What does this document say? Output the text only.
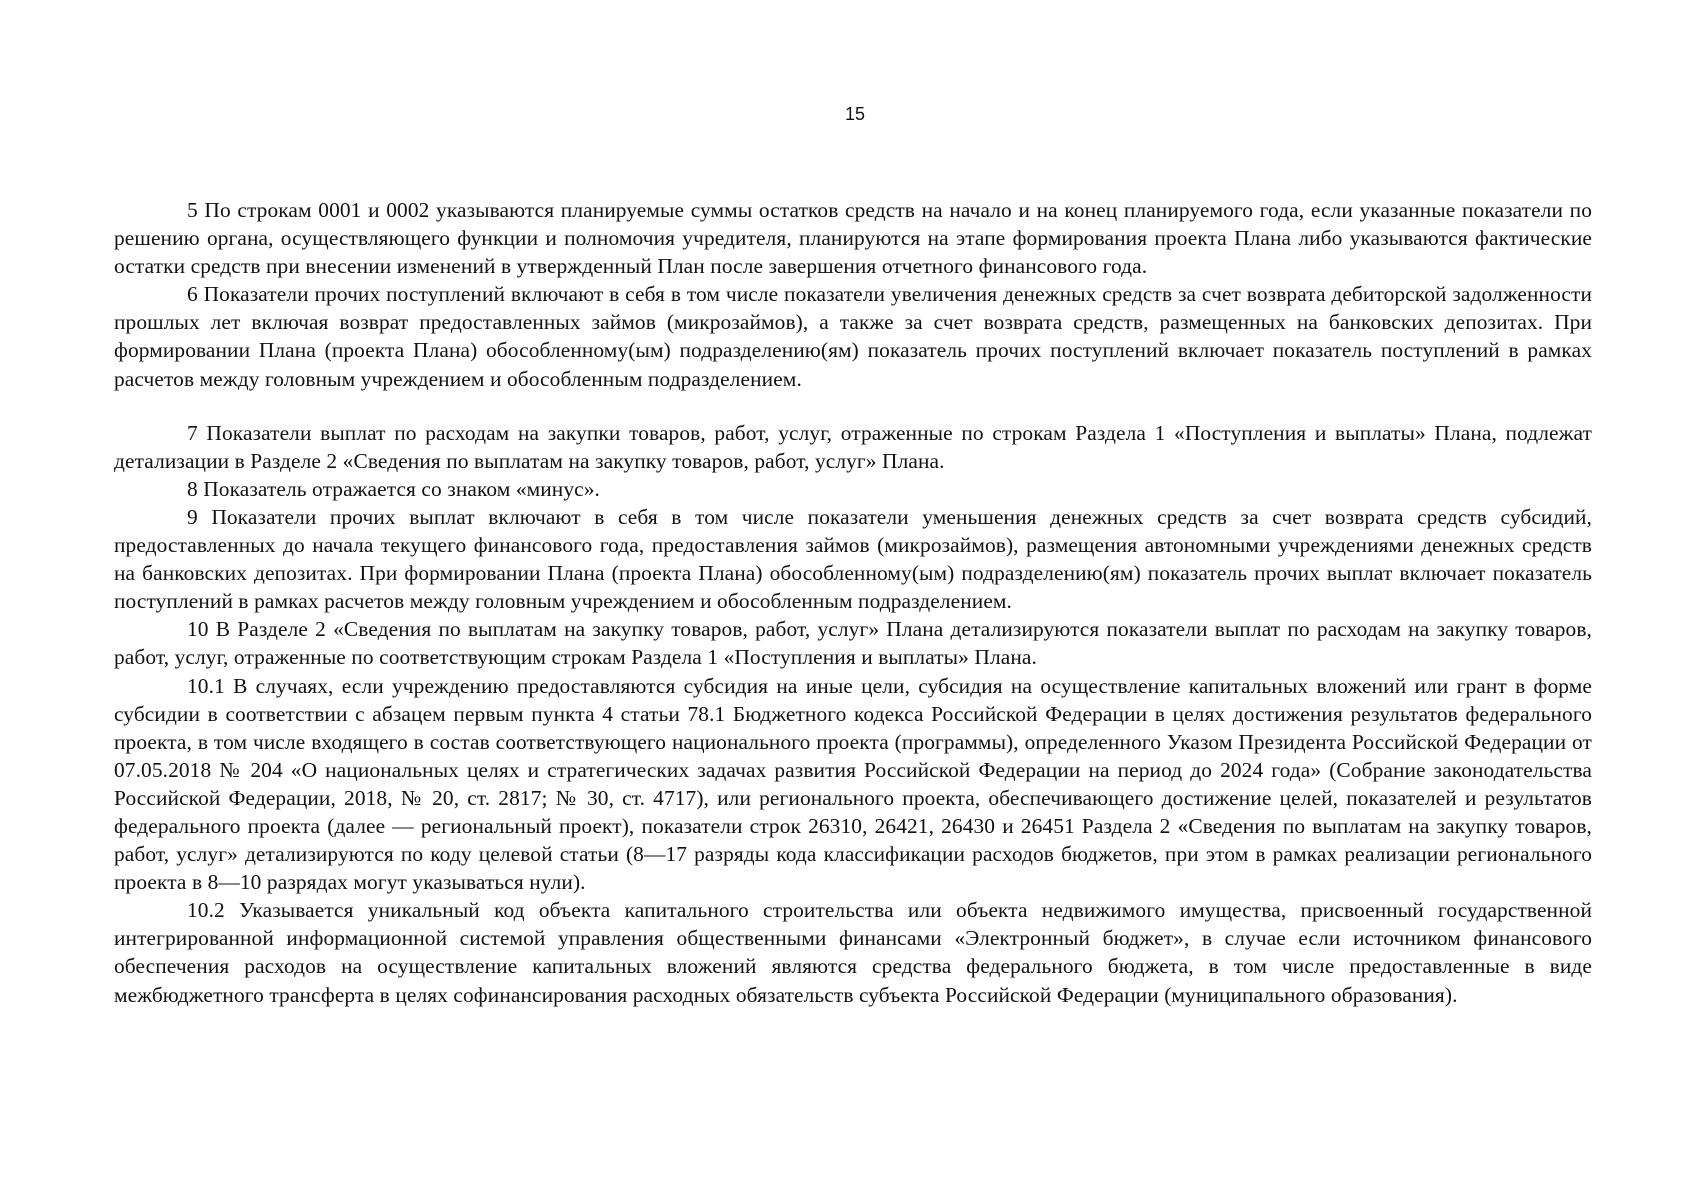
15

5 По строкам 0001 и 0002 указываются планируемые суммы остатков средств на начало и на конец планируемого года, если указанные показатели по решению органа, осуществляющего функции и полномочия учредителя, планируются на этапе формирования проекта Плана либо указываются фактические остатки средств при внесении изменений в утвержденный План после завершения отчетного финансового года.

6 Показатели прочих поступлений включают в себя в том числе показатели увеличения денежных средств за счет возврата дебиторской задолженности прошлых лет включая возврат предоставленных займов (микрозаймов), а также за счет возврата средств, размещенных на банковских депозитах. При формировании Плана (проекта Плана) обособленному(ым) подразделению(ям) показатель прочих поступлений включает показатель поступлений в рамках расчетов между головным учреждением и обособленным подразделением.

7 Показатели выплат по расходам на закупки товаров, работ, услуг, отраженные по строкам Раздела 1 «Поступления и выплаты» Плана, подлежат детализации в Разделе 2 «Сведения по выплатам на закупку товаров, работ, услуг» Плана.

8 Показатель отражается со знаком «минус».

9 Показатели прочих выплат включают в себя в том числе показатели уменьшения денежных средств за счет возврата средств субсидий, предоставленных до начала текущего финансового года, предоставления займов (микрозаймов), размещения автономными учреждениями денежных средств на банковских депозитах. При формировании Плана (проекта Плана) обособленному(ым) подразделению(ям) показатель прочих выплат включает показатель поступлений в рамках расчетов между головным учреждением и обособленным подразделением.

10 В Разделе 2 «Сведения по выплатам на закупку товаров, работ, услуг» Плана детализируются показатели выплат по расходам на закупку товаров, работ, услуг, отраженные по соответствующим строкам Раздела 1 «Поступления и выплаты» Плана.

10.1 В случаях, если учреждению предоставляются субсидия на иные цели, субсидия на осуществление капитальных вложений или грант в форме субсидии в соответствии с абзацем первым пункта 4 статьи 78.1 Бюджетного кодекса Российской Федерации в целях достижения результатов федерального проекта, в том числе входящего в состав соответствующего национального проекта (программы), определенного Указом Президента Российской Федерации от 07.05.2018 № 204 «О национальных целях и стратегических задачах развития Российской Федерации на период до 2024 года» (Собрание законодательства Российской Федерации, 2018, № 20, ст. 2817; № 30, ст. 4717), или регионального проекта, обеспечивающего достижение целей, показателей и результатов федерального проекта (далее — региональный проект), показатели строк 26310, 26421, 26430 и 26451 Раздела 2 «Сведения по выплатам на закупку товаров, работ, услуг» детализируются по коду целевой статьи (8—17 разряды кода классификации расходов бюджетов, при этом в рамках реализации регионального проекта в 8—10 разрядах могут указываться нули).

10.2 Указывается уникальный код объекта капитального строительства или объекта недвижимого имущества, присвоенный государственной интегрированной информационной системой управления общественными финансами «Электронный бюджет», в случае если источником финансового обеспечения расходов на осуществление капитальных вложений являются средства федерального бюджета, в том числе предоставленные в виде межбюджетного трансферта в целях софинансирования расходных обязательств субъекта Российской Федерации (муниципального образования).
